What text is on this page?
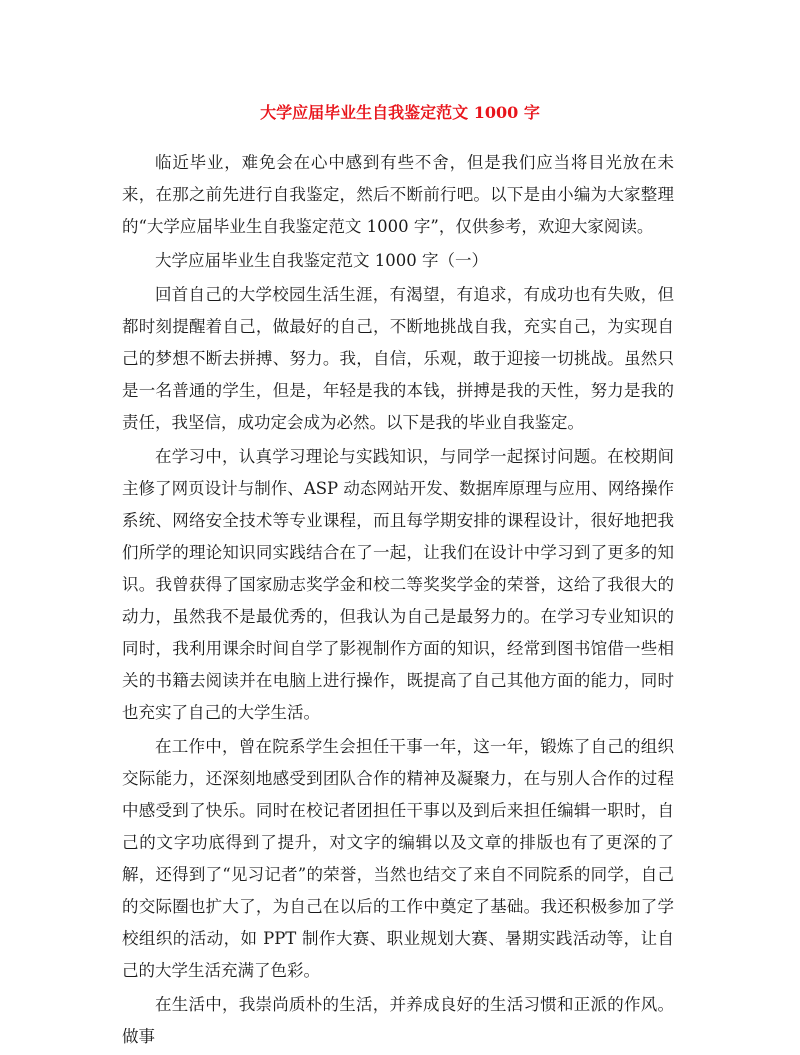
大学应届毕业生自我鉴定范文 1000 字

临近毕业，难免会在心中感到有些不舍，但是我们应当将目光放在未来，在那之前先进行自我鉴定，然后不断前行吧。以下是由小编为大家整理的“大学应届毕业生自我鉴定范文 1000 字”，仅供参考，欢迎大家阅读。

大学应届毕业生自我鉴定范文 1000 字（一）

回首自己的大学校园生活生涯，有渴望，有追求，有成功也有失败，但都时刻提醒着自己，做最好的自己，不断地挑战自我，充实自己，为实现自己的梦想不断去拼搏、努力。我，自信，乐观，敢于迎接一切挑战。虽然只是一名普通的学生，但是，年轻是我的本钱，拼搏是我的天性，努力是我的责任，我坚信，成功定会成为必然。以下是我的毕业自我鉴定。

在学习中，认真学习理论与实践知识，与同学一起探讨问题。在校期间主修了网页设计与制作、ASP 动态网站开发、数据库原理与应用、网络操作系统、网络安全技术等专业课程，而且每学期安排的课程设计，很好地把我们所学的理论知识同实践结合在了一起，让我们在设计中学习到了更多的知识。我曾获得了国家励志奖学金和校二等奖奖学金的荣誉，这给了我很大的动力，虽然我不是最优秀的，但我认为自己是最努力的。在学习专业知识的同时，我利用课余时间自学了影视制作方面的知识，经常到图书馆借一些相关的书籍去阅读并在电脑上进行操作，既提高了自己其他方面的能力，同时也充实了自己的大学生活。

在工作中，曾在院系学生会担任干事一年，这一年，锻炼了自己的组织交际能力，还深刻地感受到团队合作的精神及凝聚力，在与别人合作的过程中感受到了快乐。同时在校记者团担任干事以及到后来担任编辑一职时，自己的文字功底得到了提升，对文字的编辑以及文章的排版也有了更深的了解，还得到了“见习记者”的荣誉，当然也结交了来自不同院系的同学，自己的交际圈也扩大了，为自己在以后的工作中奠定了基础。我还积极参加了学校组织的活动，如 PPT 制作大赛、职业规划大赛、暑期实践活动等，让自己的大学生活充满了色彩。

在生活中，我崇尚质朴的生活，并养成良好的生活习惯和正派的作风。做事
